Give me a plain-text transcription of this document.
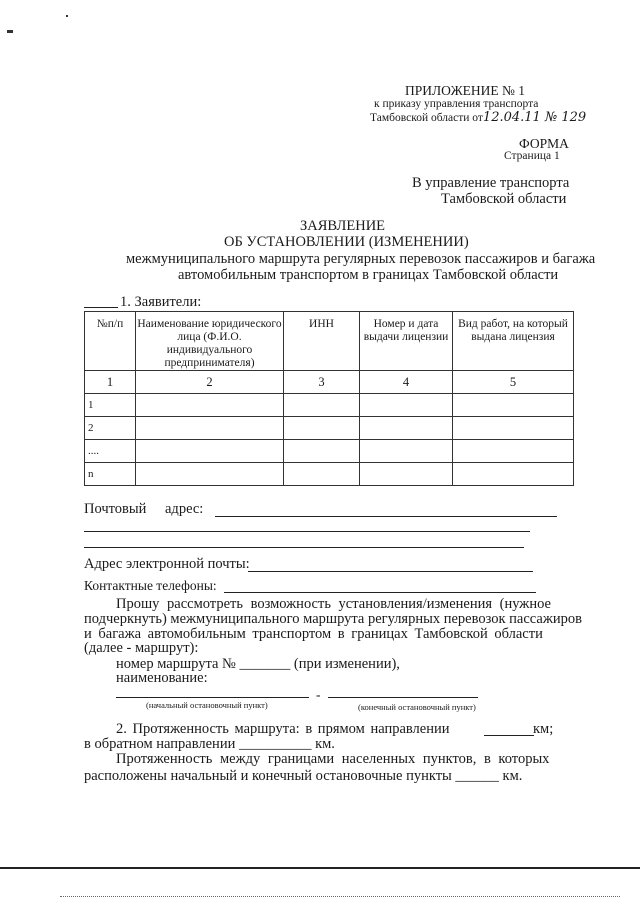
ПРИЛОЖЕНИЕ № 1
к приказу управления транспорта
Тамбовской области от12.04.11 № 129
ФОРМА
Страница 1
В управление транспорта
Тамбовской области
ЗАЯВЛЕНИЕ
ОБ УСТАНОВЛЕНИИ (ИЗМЕНЕНИИ)
межмуниципального маршрута регулярных перевозок пассажиров и багажа
автомобильным транспортом в границах Тамбовской области
1. Заявители:
№п/п	Наименование юридического лица (Ф.И.О. индивидуального предпринимателя)	ИНН	Номер и дата выдачи лицензии	Вид работ, на который выдана лицензия
1	2	3	4	5
1				
2				
....				
n				
Почтовый адрес:
Адрес электронной почты:
Контактные телефоны:
Прошу рассмотреть возможность установления/изменения (нужное
подчеркнуть) межмуниципального маршрута регулярных перевозок пассажиров
и багажа автомобильным транспортом в границах Тамбовской области
(далее - маршрут):
номер маршрута № _______ (при изменении),
наименование:
-
(начальный остановочный пункт)	(конечный остановочный пункт)
2. Протяженность маршрута: в прямом направлении	км;
в обратном направлении __________ км.
Протяженность между границами населенных пунктов, в которых
расположены начальный и конечный остановочные пункты ______ км.
